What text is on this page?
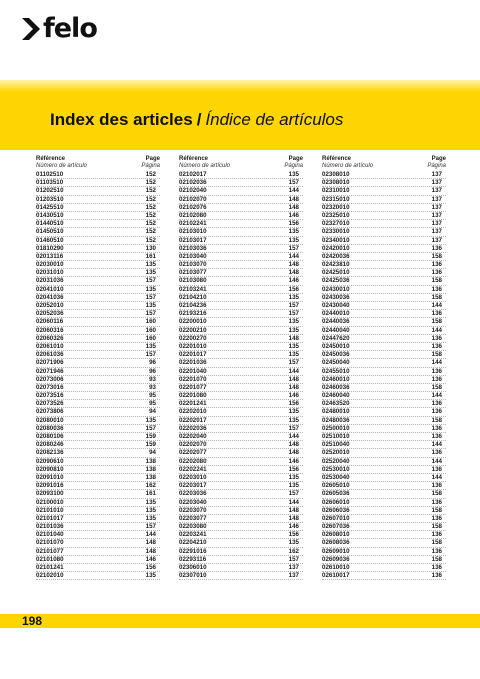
felo
Index des articles / Índice de artículos
Référence
Número de artículo
Page
Página
01102510	152
01103510	152
01202510	152
01203510	152
01425510	152
01430510	152
01440510	152
01450510	152
01460510	152
01810290	130
02013116	161
02030010	135
02031010	135
02031036	157
02041010	135
02041036	157
02052010	135
02052036	157
02060116	160
02060316	160
02060326	160
02061010	135
02061036	157
02071906	96
02071946	96
02073006	93
02073016	93
02073516	95
02073526	95
02073806	94
02080010	135
02080036	157
02080106	159
02080246	159
02082136	94
02090610	138
02090810	138
02091010	138
02091016	162
02093100	161
02100010	135
02101010	135
02101017	135
02101036	157
02101040	144
02101070	148
02101077	148
02101080	146
02101241	156
02102010	135
Référence
Número de artículo
Page
Página
02102017	135
02102036	157
02102040	144
02102070	148
02102076	148
02102080	146
02102241	156
02103010	135
02103017	135
02103036	157
02103040	144
02103070	148
02103077	148
02103080	146
02103241	156
02104210	135
02104236	157
02193216	157
02200010	135
02200210	135
02200270	148
02201010	135
02201017	135
02201036	157
02201040	144
02201070	148
02201077	148
02201080	146
02201241	156
02202010	135
02202017	135
02202036	157
02202040	144
02202070	148
02202077	148
02202080	146
02202241	156
02203010	135
02203017	135
02203036	157
02203040	144
02203070	148
02203077	148
02203080	146
02203241	156
02204210	135
02291016	162
02293116	157
02306010	137
02307010	137
Référence
Número de artículo
Page
Página
02308010	137
02308010	137
02310010	137
02315010	137
02320010	137
02325010	137
02327010	137
02330010	137
02340010	137
02420010	136
02420036	158
02423810	136
02425010	136
02425036	158
02430010	136
02430036	158
02430040	144
02440010	136
02440036	158
02440040	144
02447620	136
02450010	136
02450036	158
02450040	144
02455010	136
02460010	136
02460036	158
02460040	144
02463520	136
02480010	136
02480036	158
02500010	136
02510010	136
02510040	144
02520010	136
02520040	144
02530010	136
02530040	144
02605010	136
02605036	158
02606010	136
02606036	158
02607010	136
02607036	158
02608010	136
02608036	158
02609010	136
02609036	158
02610010	136
02610017	136
198
